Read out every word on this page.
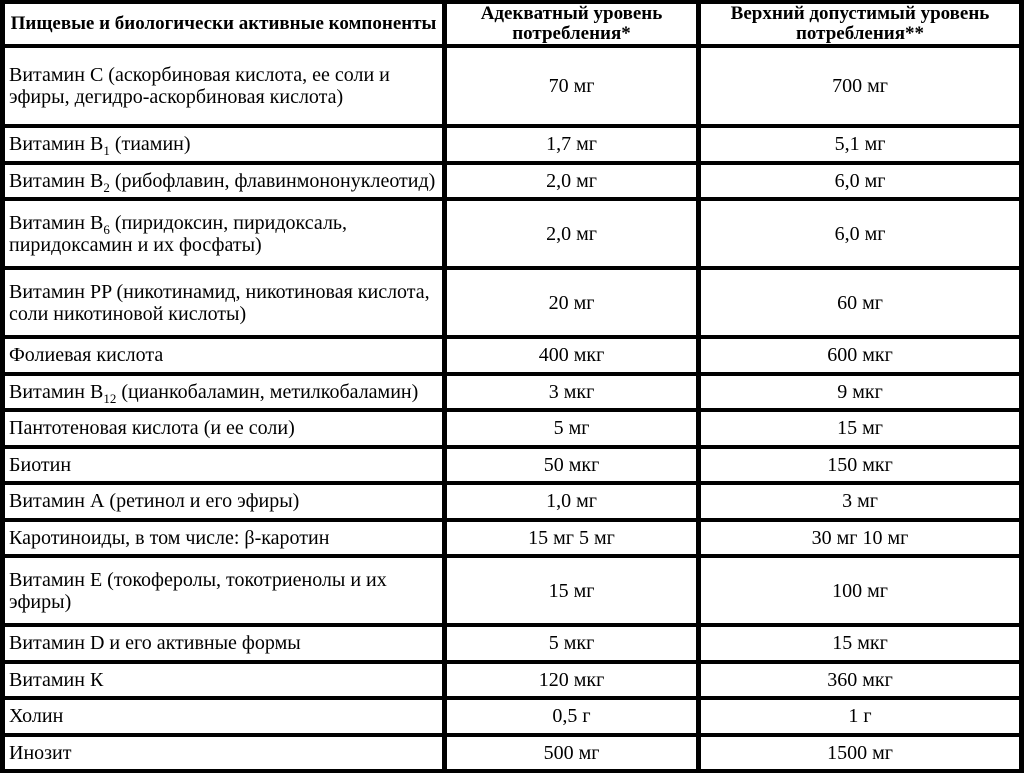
Пищевые и биологически активные компоненты	Адекватный уровень потребления*	Верхний допустимый уровень потребления**
Витамин С (аскорбиновая кислота, ее соли и эфиры, дегидро-аскорбиновая кислота)	70 мг	700 мг
Витамин $B_1$ (тиамин)	1,7 мг	5,1 мг
Витамин $B_2$ (рибофлавин, флавинмононуклеотид)	2,0 мг	6,0 мг
Витамин $B_6$ (пиридоксин, пиридоксаль, пиридоксамин и их фосфаты)	2,0 мг	6,0 мг
Витамин PP (никотинамид, никотиновая кислота, соли никотиновой кислоты)	20 мг	60 мг
Фолиевая кислота	400 мкг	600 мкг
Витамин $B_{12}$ (цианкобаламин, метилкобаламин)	3 мкг	9 мкг
Пантотеновая кислота (и ее соли)	5 мг	15 мг
Биотин	50 мкг	150 мкг
Витамин А (ретинол и его эфиры)	1,0 мг	3 мг
Каротиноиды, в том числе: β-каротин	15 мг 5 мг	30 мг 10 мг
Витамин Е (токоферолы, токотриенолы и их эфиры)	15 мг	100 мг
Витамин D и его активные формы	5 мкг	15 мкг
Витамин К	120 мкг	360 мкг
Холин	0,5 г	1 г
Инозит	500 мг	1500 мг
